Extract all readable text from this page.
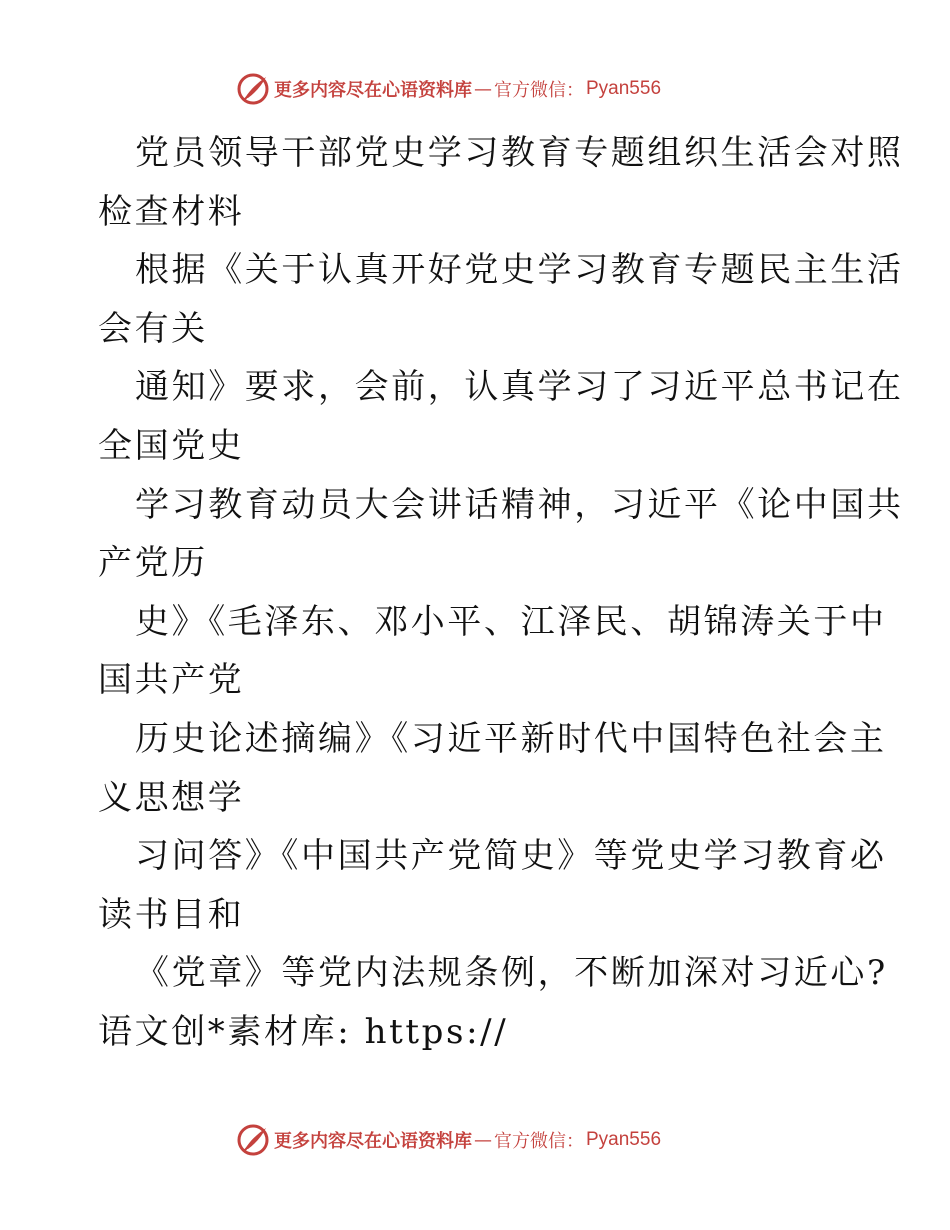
更多内容尽在心语资料库 — 官方微信： Pyan556
党员领导干部党史学习教育专题组织生活会对照
检查材料
根据《关于认真开好党史学习教育专题民主生活
会有关
通知》要求，会前，认真学习了习近平总书记在
全国党史
学习教育动员大会讲话精神，习近平《论中国共
产党历
史》《毛泽东、邓小平、江泽民、胡锦涛关于中
国共产党
历史论述摘编》《习近平新时代中国特色社会主
义思想学
习问答》《中国共产党简史》等党史学习教育必
读书目和
《党章》等党内法规条例，不断加深对习近心?
语文创*素材库: https://
更多内容尽在心语资料库 — 官方微信： Pyan556
